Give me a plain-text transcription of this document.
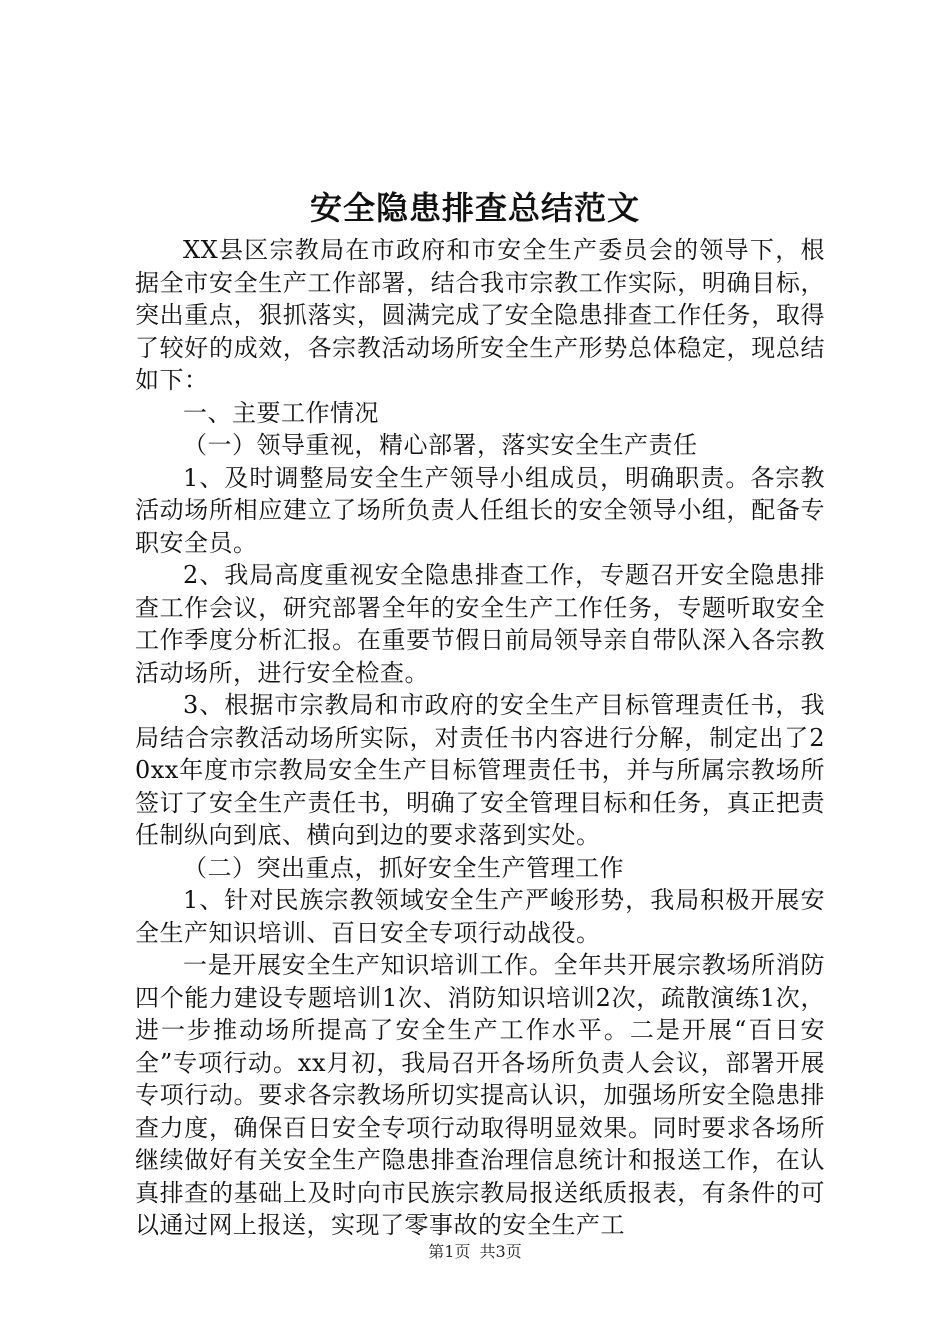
安全隐患排查总结范文

XX县区宗教局在市政府和市安全生产委员会的领导下，根据全市安全生产工作部署，结合我市宗教工作实际，明确目标，突出重点，狠抓落实，圆满完成了安全隐患排查工作任务，取得了较好的成效，各宗教活动场所安全生产形势总体稳定，现总结如下：

一、主要工作情况

（一）领导重视，精心部署，落实安全生产责任

1、及时调整局安全生产领导小组成员，明确职责。各宗教活动场所相应建立了场所负责人任组长的安全领导小组，配备专职安全员。

2、我局高度重视安全隐患排查工作，专题召开安全隐患排查工作会议，研究部署全年的安全生产工作任务，专题听取安全工作季度分析汇报。在重要节假日前局领导亲自带队深入各宗教活动场所，进行安全检查。

3、根据市宗教局和市政府的安全生产目标管理责任书，我局结合宗教活动场所实际，对责任书内容进行分解，制定出了20xx年度市宗教局安全生产目标管理责任书，并与所属宗教场所签订了安全生产责任书，明确了安全管理目标和任务，真正把责任制纵向到底、横向到边的要求落到实处。

（二）突出重点，抓好安全生产管理工作

1、针对民族宗教领域安全生产严峻形势，我局积极开展安全生产知识培训、百日安全专项行动战役。

一是开展安全生产知识培训工作。全年共开展宗教场所消防四个能力建设专题培训1次、消防知识培训2次，疏散演练1次，进一步推动场所提高了安全生产工作水平。二是开展“百日安全”专项行动。xx月初，我局召开各场所负责人会议，部署开展专项行动。要求各宗教场所切实提高认识，加强场所安全隐患排查力度，确保百日安全专项行动取得明显效果。同时要求各场所继续做好有关安全生产隐患排查治理信息统计和报送工作，在认真排查的基础上及时向市民族宗教局报送纸质报表，有条件的可以通过网上报送，实现了零事故的安全生产工

第1页 共3页
